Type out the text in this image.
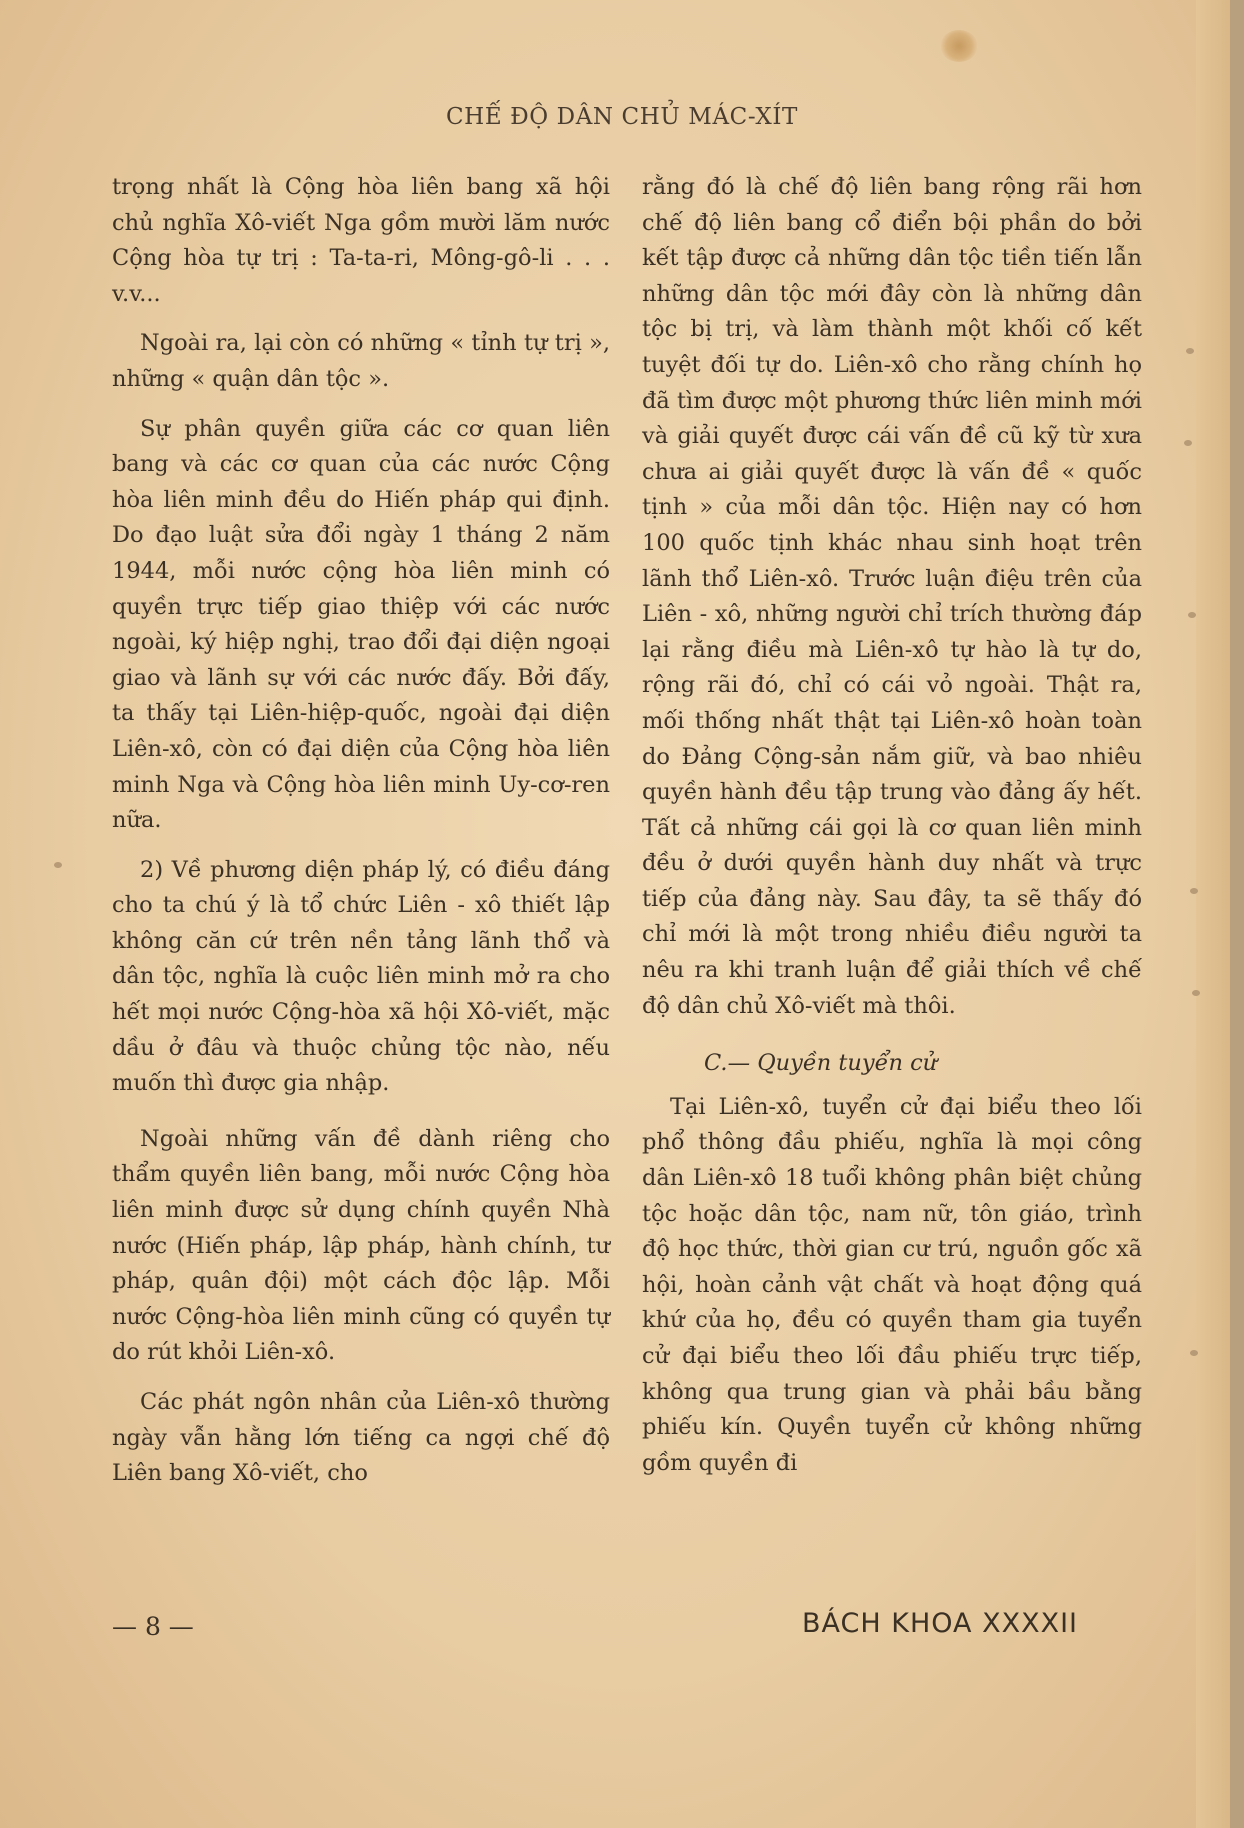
CHẾ ĐỘ DÂN CHỦ MÁC-XÍT

trọng nhất là Cộng hòa liên bang xã hội chủ nghĩa Xô-viết Nga gồm mười lăm nước Cộng hòa tự trị : Ta-ta-ri, Mông-gô-li . . . v.v...

Ngoài ra, lại còn có những « tỉnh tự trị », những « quận dân tộc ».

Sự phân quyền giữa các cơ quan liên bang và các cơ quan của các nước Cộng hòa liên minh đều do Hiến pháp qui định. Do đạo luật sửa đổi ngày 1 tháng 2 năm 1944, mỗi nước cộng hòa liên minh có quyền trực tiếp giao thiệp với các nước ngoài, ký hiệp nghị, trao đổi đại diện ngoại giao và lãnh sự với các nước đấy. Bởi đấy, ta thấy tại Liên-hiệp-quốc, ngoài đại diện Liên-xô, còn có đại diện của Cộng hòa liên minh Nga và Cộng hòa liên minh Uy-cơ-ren nữa.

2) Về phương diện pháp lý, có điều đáng cho ta chú ý là tổ chức Liên - xô thiết lập không căn cứ trên nền tảng lãnh thổ và dân tộc, nghĩa là cuộc liên minh mở ra cho hết mọi nước Cộng-hòa xã hội Xô-viết, mặc dầu ở đâu và thuộc chủng tộc nào, nếu muốn thì được gia nhập.

Ngoài những vấn đề dành riêng cho thẩm quyền liên bang, mỗi nước Cộng hòa liên minh được sử dụng chính quyền Nhà nước (Hiến pháp, lập pháp, hành chính, tư pháp, quân đội) một cách độc lập. Mỗi nước Cộng-hòa liên minh cũng có quyền tự do rút khỏi Liên-xô.

Các phát ngôn nhân của Liên-xô thường ngày vẫn hằng lớn tiếng ca ngợi chế độ Liên bang Xô-viết, cho

rằng đó là chế độ liên bang rộng rãi hơn chế độ liên bang cổ điển bội phần do bởi kết tập được cả những dân tộc tiền tiến lẫn những dân tộc mới đây còn là những dân tộc bị trị, và làm thành một khối cố kết tuyệt đối tự do. Liên-xô cho rằng chính họ đã tìm được một phương thức liên minh mới và giải quyết được cái vấn đề cũ kỹ từ xưa chưa ai giải quyết được là vấn đề « quốc tịnh » của mỗi dân tộc. Hiện nay có hơn 100 quốc tịnh khác nhau sinh hoạt trên lãnh thổ Liên-xô. Trước luận điệu trên của Liên - xô, những người chỉ trích thường đáp lại rằng điều mà Liên-xô tự hào là tự do, rộng rãi đó, chỉ có cái vỏ ngoài. Thật ra, mối thống nhất thật tại Liên-xô hoàn toàn do Đảng Cộng-sản nắm giữ, và bao nhiêu quyền hành đều tập trung vào đảng ấy hết. Tất cả những cái gọi là cơ quan liên minh đều ở dưới quyền hành duy nhất và trực tiếp của đảng này. Sau đây, ta sẽ thấy đó chỉ mới là một trong nhiều điều người ta nêu ra khi tranh luận để giải thích về chế độ dân chủ Xô-viết mà thôi.

C.— Quyền tuyển cử

Tại Liên-xô, tuyển cử đại biểu theo lối phổ thông đầu phiếu, nghĩa là mọi công dân Liên-xô 18 tuổi không phân biệt chủng tộc hoặc dân tộc, nam nữ, tôn giáo, trình độ học thức, thời gian cư trú, nguồn gốc xã hội, hoàn cảnh vật chất và hoạt động quá khứ của họ, đều có quyền tham gia tuyển cử đại biểu theo lối đầu phiếu trực tiếp, không qua trung gian và phải bầu bằng phiếu kín. Quyền tuyển cử không những gồm quyền đi

— 8 —	BÁCH KHOA XXXXII
